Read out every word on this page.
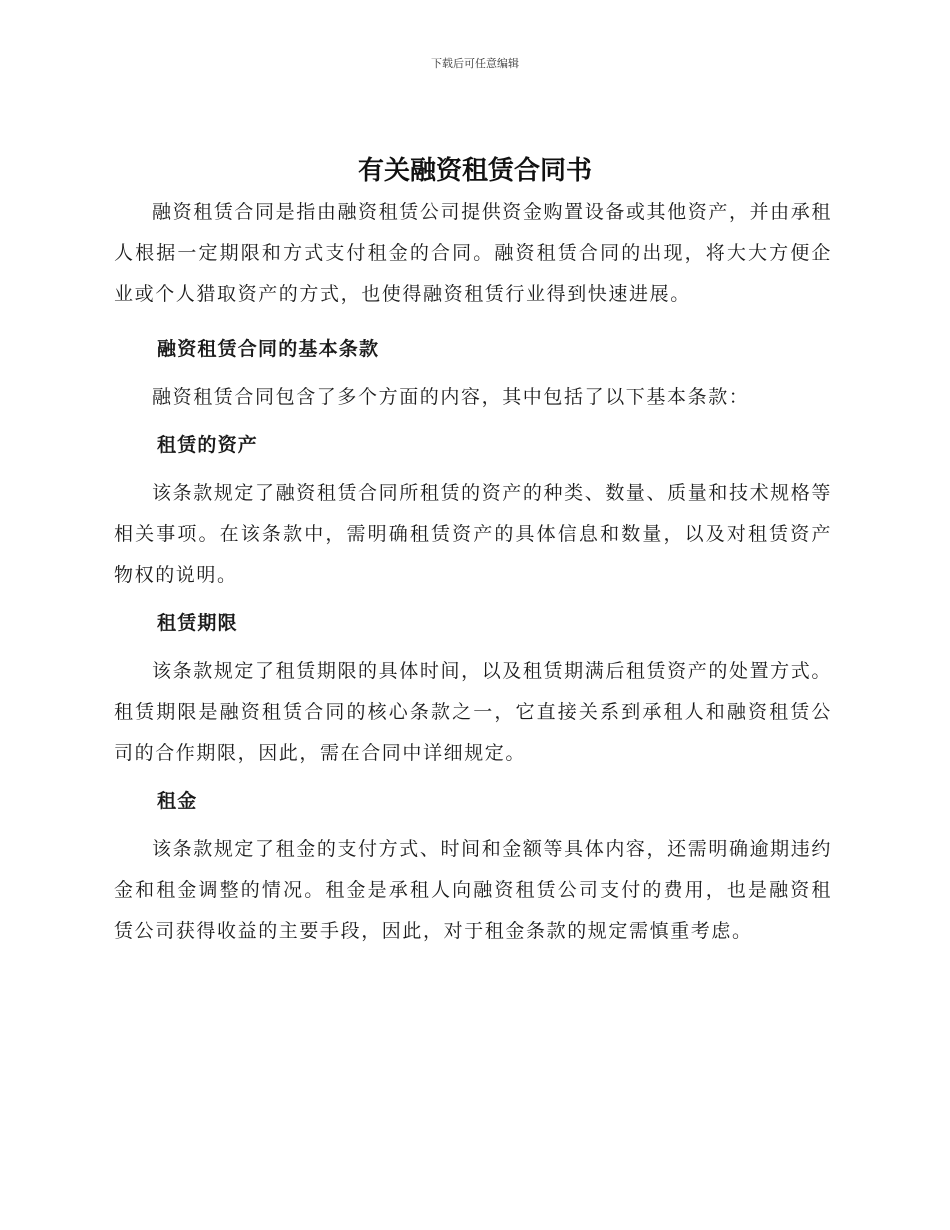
下载后可任意编辑
有关融资租赁合同书

融资租赁合同是指由融资租赁公司提供资金购置设备或其他资产，并由承租人根据一定期限和方式支付租金的合同。融资租赁合同的出现，将大大方便企业或个人猎取资产的方式，也使得融资租赁行业得到快速进展。

融资租赁合同的基本条款

融资租赁合同包含了多个方面的内容，其中包括了以下基本条款：

租赁的资产

该条款规定了融资租赁合同所租赁的资产的种类、数量、质量和技术规格等相关事项。在该条款中，需明确租赁资产的具体信息和数量，以及对租赁资产物权的说明。

租赁期限

该条款规定了租赁期限的具体时间，以及租赁期满后租赁资产的处置方式。租赁期限是融资租赁合同的核心条款之一，它直接关系到承租人和融资租赁公司的合作期限，因此，需在合同中详细规定。

租金

该条款规定了租金的支付方式、时间和金额等具体内容，还需明确逾期违约金和租金调整的情况。租金是承租人向融资租赁公司支付的费用，也是融资租赁公司获得收益的主要手段，因此，对于租金条款的规定需慎重考虑。
